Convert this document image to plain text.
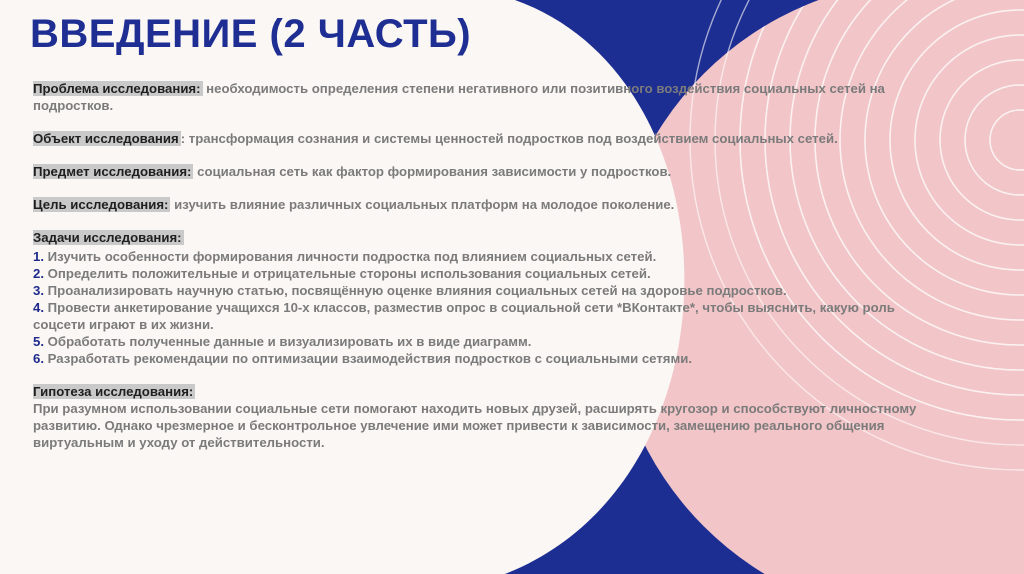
ВВЕДЕНИЕ (2 ЧАСТЬ)

Проблема исследования: необходимость определения степени негативного или позитивного воздействия социальных сетей на подростков.

Объект исследования : трансформация сознания и системы ценностей подростков под воздействием социальных сетей.

Предмет исследования: социальная сеть как фактор формирования зависимости у подростков.

Цель исследования: изучить влияние различных социальных платформ на молодое поколение.

Задачи исследования:

1. Изучить особенности формирования личности подростка под влиянием социальных сетей.

2. Определить положительные и отрицательные стороны использования социальных сетей.

3. Проанализировать научную статью, посвящённую оценке влияния социальных сетей на здоровье подростков.

4. Провести анкетирование учащихся 10-х классов, разместив опрос в социальной сети *ВКонтакте*, чтобы выяснить, какую роль соцсети играют в их жизни.

5. Обработать полученные данные и визуализировать их в виде диаграмм.

6. Разработать рекомендации по оптимизации взаимодействия подростков с социальными сетями.

Гипотеза исследования:

При разумном использовании социальные сети помогают находить новых друзей, расширять кругозор и способствуют личностному развитию. Однако чрезмерное и бесконтрольное увлечение ими может привести к зависимости, замещению реального общения виртуальным и уходу от действительности.
